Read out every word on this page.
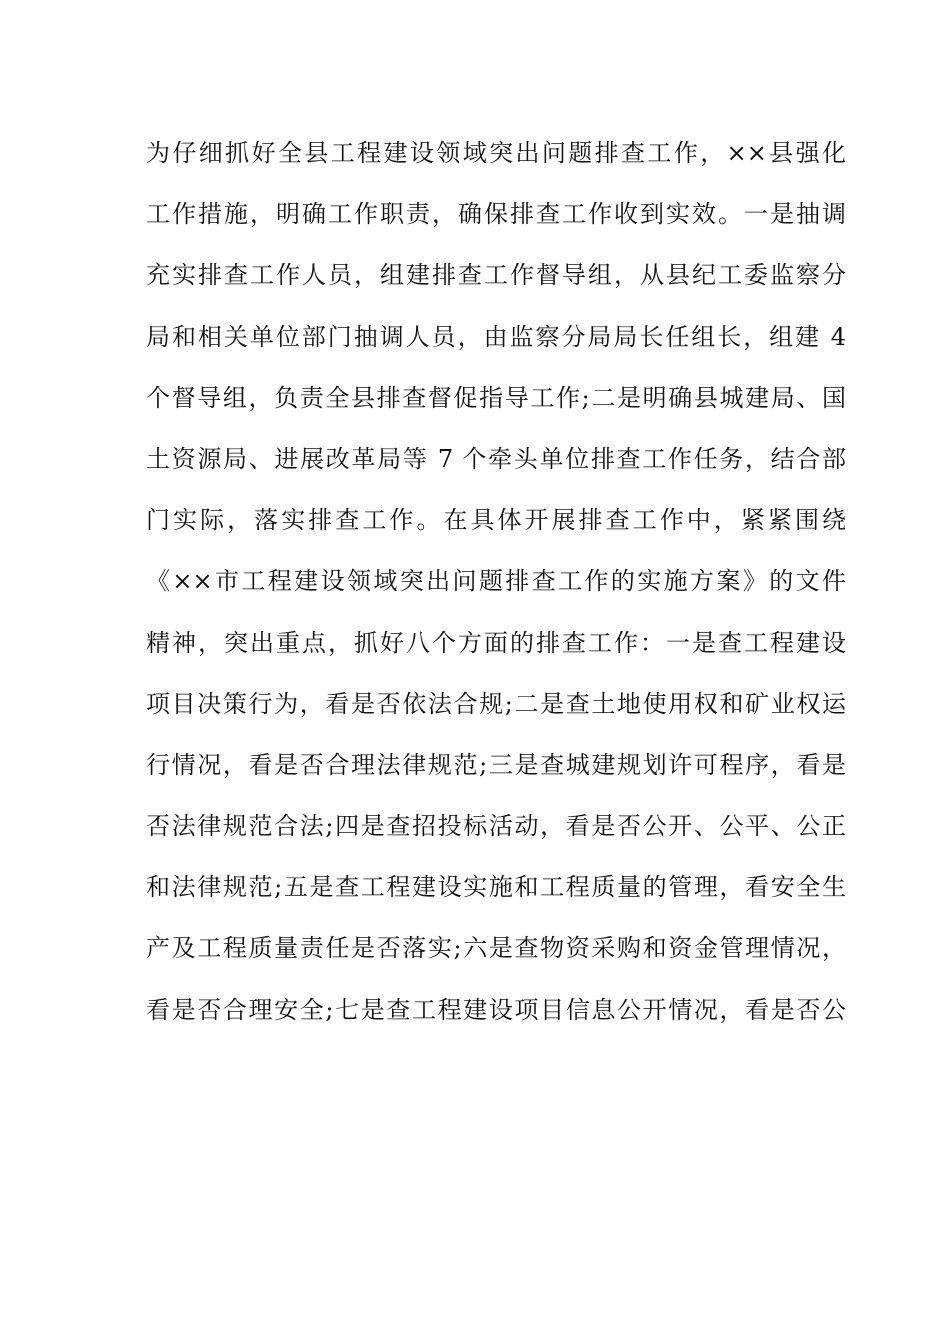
为仔细抓好全县工程建设领域突出问题排查工作，××县强化
工作措施，明确工作职责，确保排查工作收到实效。一是抽调
充实排查工作人员，组建排查工作督导组，从县纪工委监察分
局和相关单位部门抽调人员，由监察分局局长任组长，组建 4
个督导组，负责全县排查督促指导工作;二是明确县城建局、国
土资源局、进展改革局等 7 个牵头单位排查工作任务，结合部
门实际，落实排查工作。在具体开展排查工作中，紧紧围绕
《××市工程建设领域突出问题排查工作的实施方案》的文件
精神，突出重点，抓好八个方面的排查工作：一是查工程建设
项目决策行为，看是否依法合规;二是查土地使用权和矿业权运
行情况，看是否合理法律规范;三是查城建规划许可程序，看是
否法律规范合法;四是查招投标活动，看是否公开、公平、公正
和法律规范;五是查工程建设实施和工程质量的管理，看安全生
产及工程质量责任是否落实;六是查物资采购和资金管理情况，
看是否合理安全;七是查工程建设项目信息公开情况，看是否公
